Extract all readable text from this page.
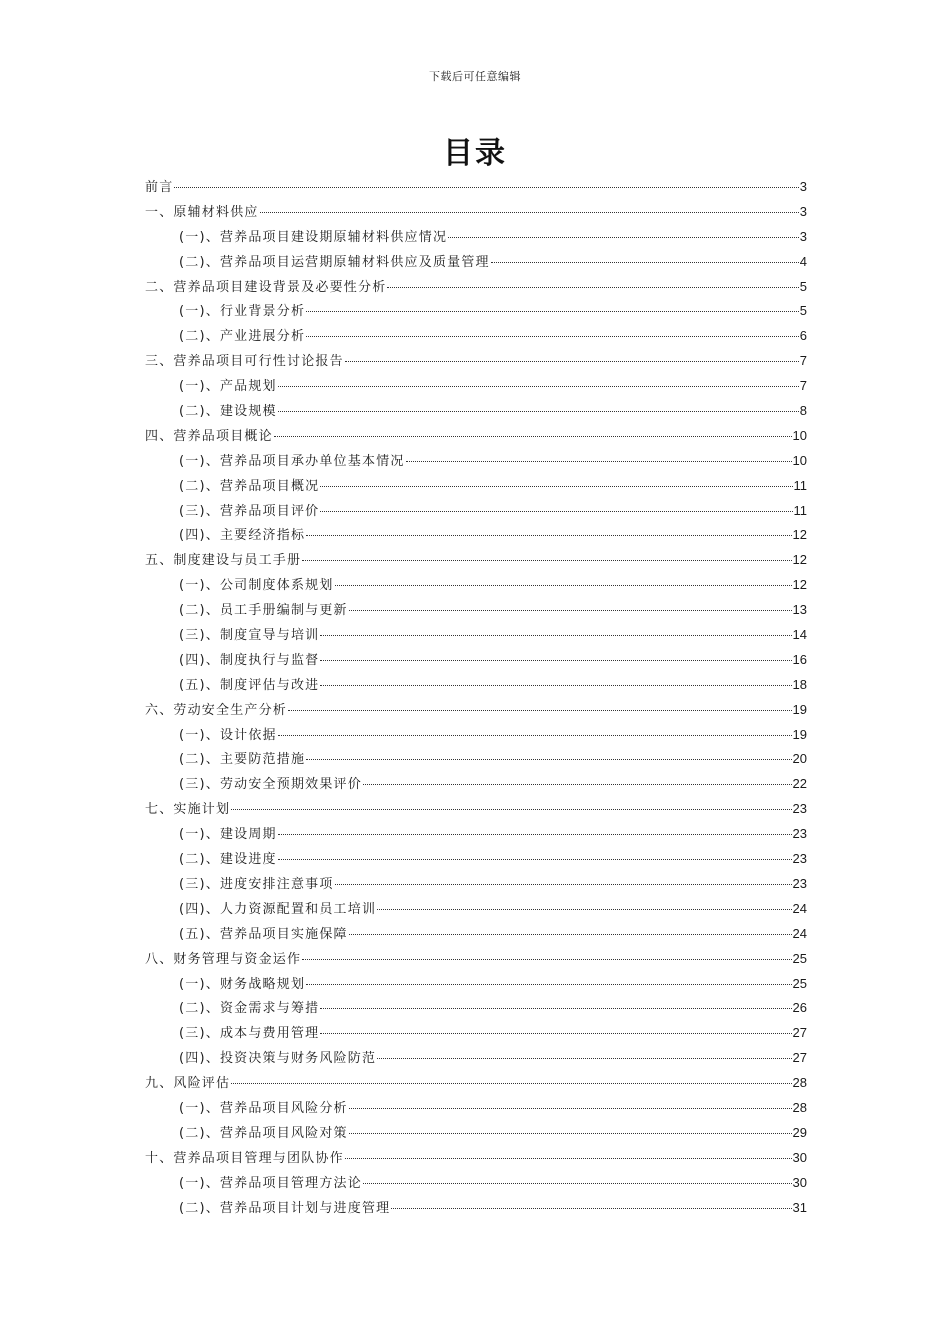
下载后可任意编辑
目录
前言	3
一、原辅材料供应	3
(一)、营养品项目建设期原辅材料供应情况	3
(二)、营养品项目运营期原辅材料供应及质量管理	4
二、营养品项目建设背景及必要性分析	5
(一)、行业背景分析	5
(二)、产业进展分析	6
三、营养品项目可行性讨论报告	7
(一)、产品规划	7
(二)、建设规模	8
四、营养品项目概论	10
(一)、营养品项目承办单位基本情况	10
(二)、营养品项目概况	11
(三)、营养品项目评价	11
(四)、主要经济指标	12
五、制度建设与员工手册	12
(一)、公司制度体系规划	12
(二)、员工手册编制与更新	13
(三)、制度宣导与培训	14
(四)、制度执行与监督	16
(五)、制度评估与改进	18
六、劳动安全生产分析	19
(一)、设计依据	19
(二)、主要防范措施	20
(三)、劳动安全预期效果评价	22
七、实施计划	23
(一)、建设周期	23
(二)、建设进度	23
(三)、进度安排注意事项	23
(四)、人力资源配置和员工培训	24
(五)、营养品项目实施保障	24
八、财务管理与资金运作	25
(一)、财务战略规划	25
(二)、资金需求与筹措	26
(三)、成本与费用管理	27
(四)、投资决策与财务风险防范	27
九、风险评估	28
(一)、营养品项目风险分析	28
(二)、营养品项目风险对策	29
十、营养品项目管理与团队协作	30
(一)、营养品项目管理方法论	30
(二)、营养品项目计划与进度管理	31
